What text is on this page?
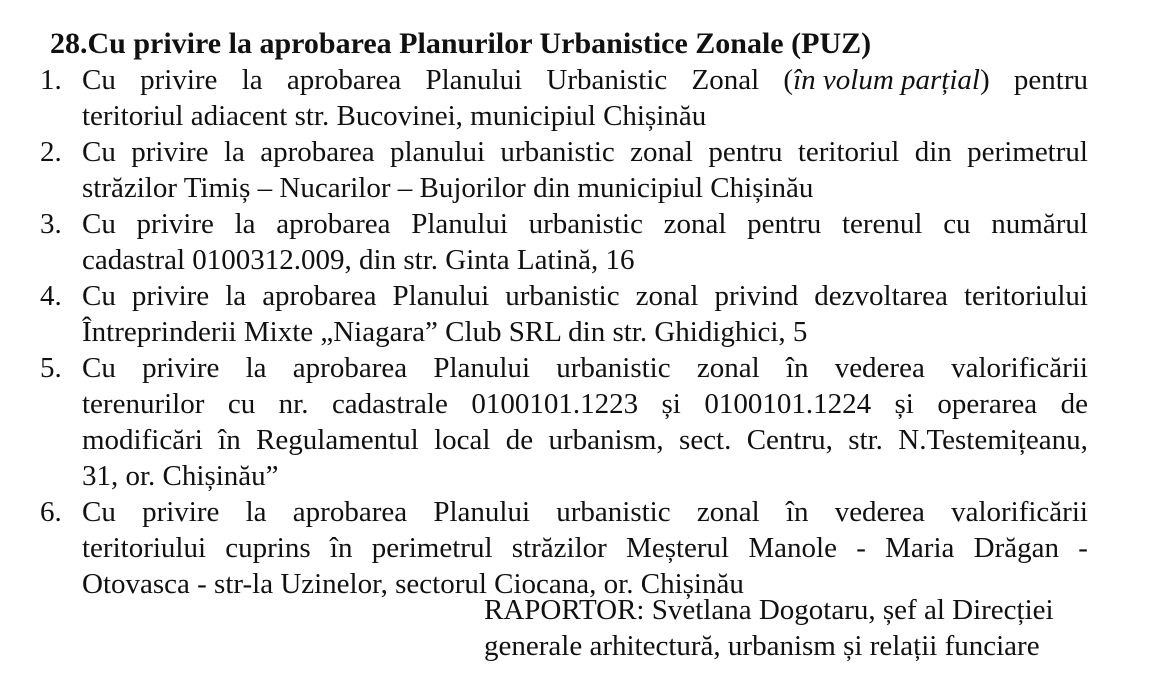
28.Cu privire la aprobarea Planurilor Urbanistice Zonale (PUZ)
1. Cu privire la aprobarea Planului Urbanistic Zonal (în volum parțial) pentru
teritoriul adiacent str. Bucovinei, municipiul Chișinău
2. Cu privire la aprobarea planului urbanistic zonal pentru teritoriul din perimetrul
străzilor Timiș – Nucarilor – Bujorilor din municipiul Chișinău
3. Cu privire la aprobarea Planului urbanistic zonal pentru terenul cu numărul
cadastral 0100312.009, din str. Ginta Latină, 16
4. Cu privire la aprobarea Planului urbanistic zonal privind dezvoltarea teritoriului
Întreprinderii Mixte „Niagara” Club SRL din str. Ghidighici, 5
5. Cu privire la aprobarea Planului urbanistic zonal în vederea valorificării
terenurilor cu nr. cadastrale 0100101.1223 și 0100101.1224 și operarea de
modificări în Regulamentul local de urbanism, sect. Centru, str. N.Testemițeanu,
31, or. Chișinău”
6. Cu privire la aprobarea Planului urbanistic zonal în vederea valorificării
teritoriului cuprins în perimetrul străzilor Meșterul Manole - Maria Drăgan -
Otovasca - str-la Uzinelor, sectorul Ciocana, or. Chișinău
RAPORTOR: Svetlana Dogotaru, șef al Direcției
generale arhitectură, urbanism și relații funciare
